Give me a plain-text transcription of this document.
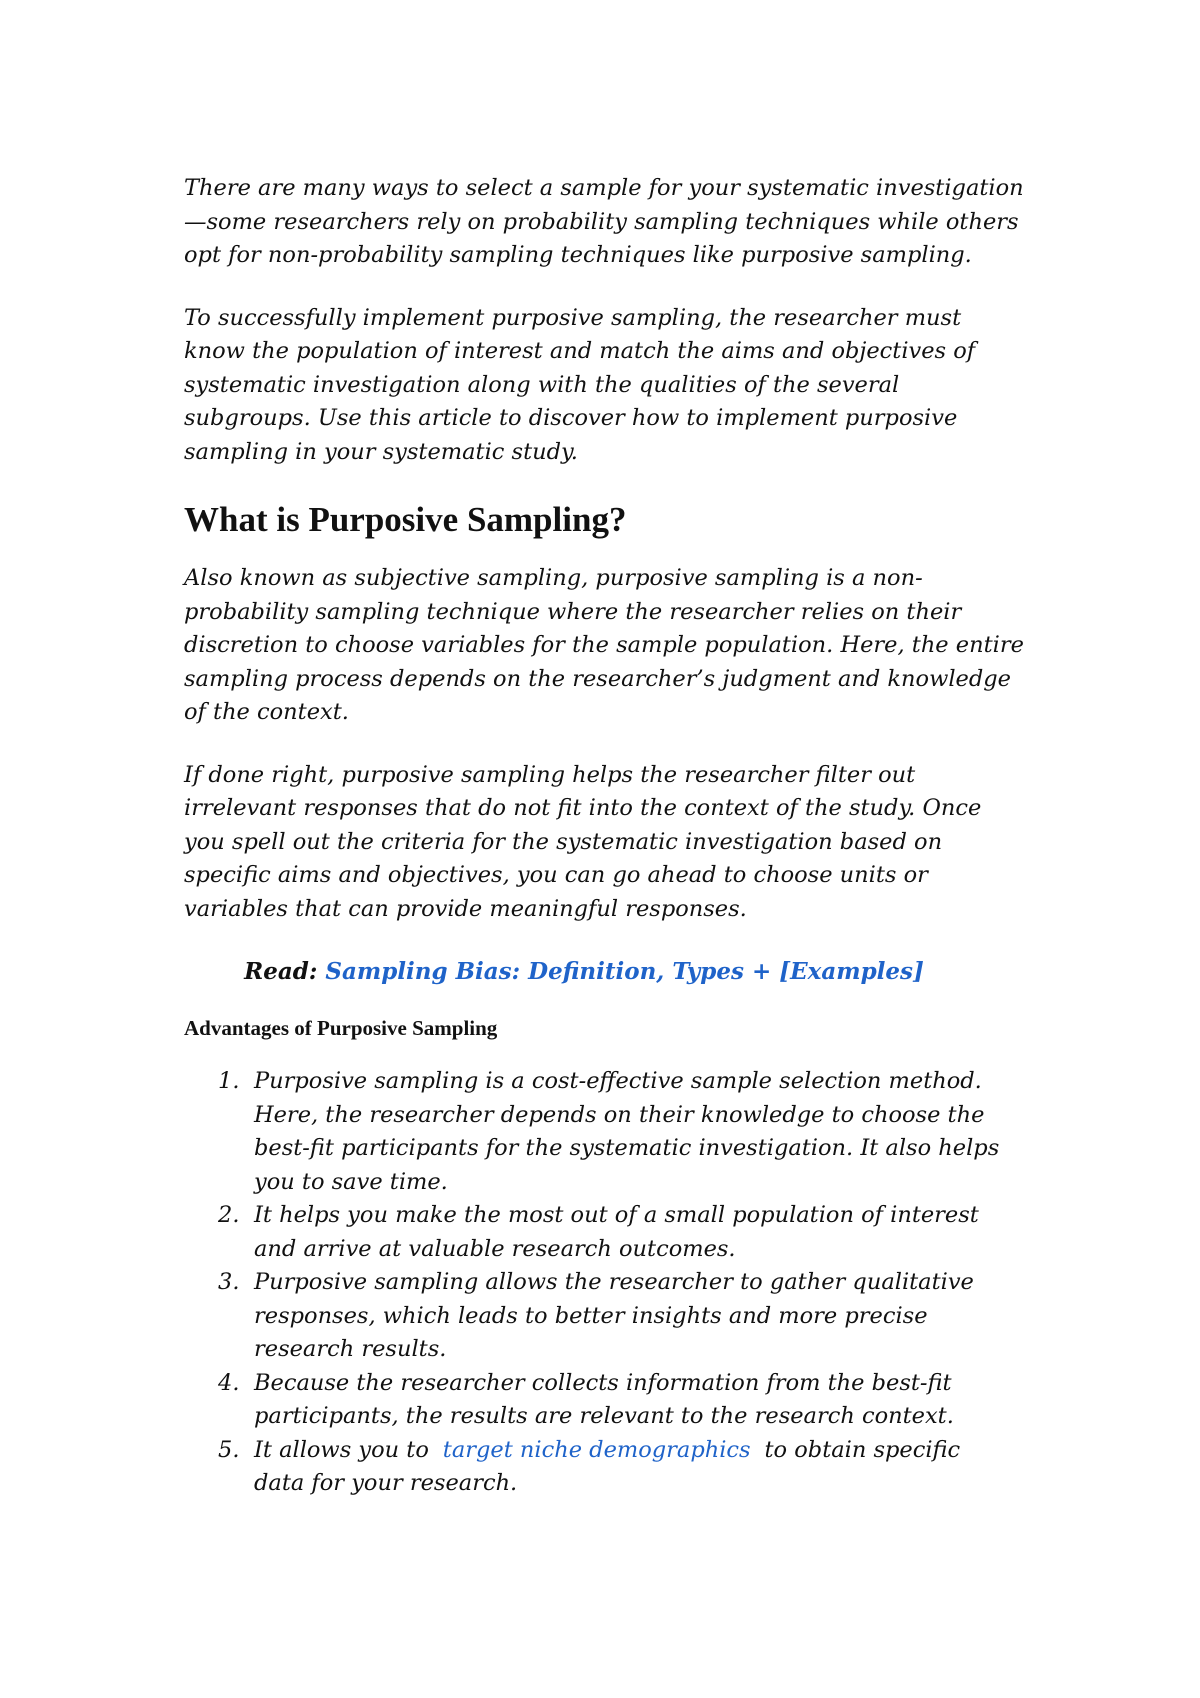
There are many ways to select a sample for your systematic investigation—some researchers rely on probability sampling techniques while others opt for non-probability sampling techniques like purposive sampling.

To successfully implement purposive sampling, the researcher must know the population of interest and match the aims and objectives of systematic investigation along with the qualities of the several subgroups. Use this article to discover how to implement purposive sampling in your systematic study.

What is Purposive Sampling?

Also known as subjective sampling, purposive sampling is a non-probability sampling technique where the researcher relies on their discretion to choose variables for the sample population. Here, the entire sampling process depends on the researcher’s judgment and knowledge of the context.

If done right, purposive sampling helps the researcher filter out irrelevant responses that do not fit into the context of the study. Once you spell out the criteria for the systematic investigation based on specific aims and objectives, you can go ahead to choose units or variables that can provide meaningful responses.

Read: Sampling Bias: Definition, Types + [Examples]
Advantages of Purposive Sampling
1. Purposive sampling is a cost-effective sample selection method. Here, the researcher depends on their knowledge to choose the best-fit participants for the systematic investigation. It also helps you to save time.
2. It helps you make the most out of a small population of interest and arrive at valuable research outcomes.
3. Purposive sampling allows the researcher to gather qualitative responses, which leads to better insights and more precise research results.
4. Because the researcher collects information from the best-fit participants, the results are relevant to the research context.
5. It allows you to target niche demographics to obtain specific data for your research.
